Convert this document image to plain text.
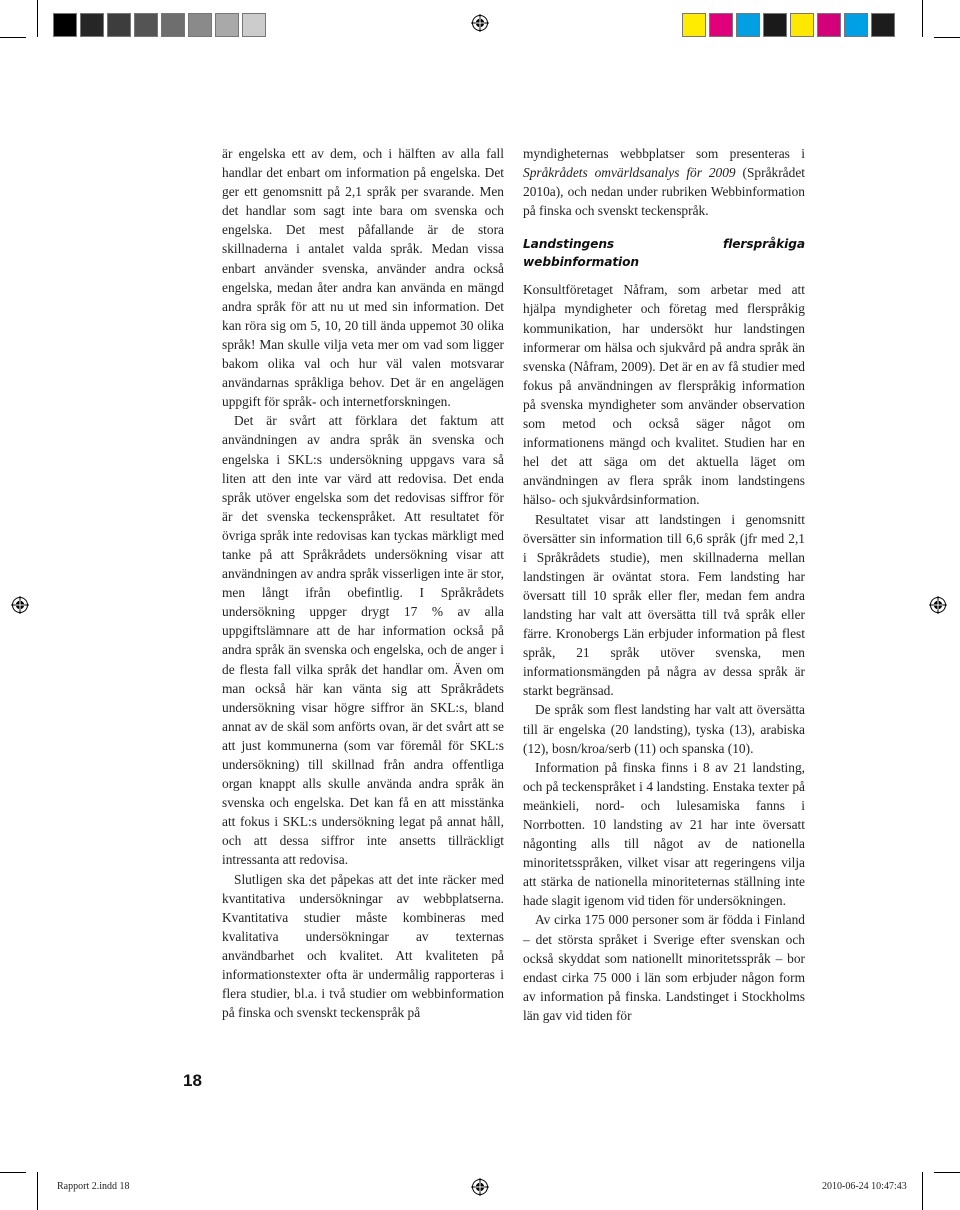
är engelska ett av dem, och i hälften av alla fall handlar det enbart om information på engelska. Det ger ett genomsnitt på 2,1 språk per svarande. Men det handlar som sagt inte bara om svenska och engelska. Det mest påfallande är de stora skillnaderna i antalet valda språk. Medan vissa enbart använder svenska, använder andra också engelska, medan åter andra kan använda en mängd andra språk för att nu ut med sin information. Det kan röra sig om 5, 10, 20 till ända uppemot 30 olika språk! Man skulle vilja veta mer om vad som ligger bakom olika val och hur väl valen motsvarar användarnas språkliga behov. Det är en angelägen uppgift för språk- och internetforskningen.

Det är svårt att förklara det faktum att användningen av andra språk än svenska och engelska i SKL:s undersökning uppgavs vara så liten att den inte var värd att redovisa. Det enda språk utöver engelska som det redovisas siffror för är det svenska teckenspråket. Att resultatet för övriga språk inte redovisas kan tyckas märkligt med tanke på att Språkrådets undersökning visar att användningen av andra språk visserligen inte är stor, men långt ifrån obefintlig. I Språkrådets undersökning uppger drygt 17 % av alla uppgiftslämnare att de har information också på andra språk än svenska och engelska, och de anger i de flesta fall vilka språk det handlar om. Även om man också här kan vänta sig att Språkrådets undersökning visar högre siffror än SKL:s, bland annat av de skäl som anförts ovan, är det svårt att se att just kommunerna (som var föremål för SKL:s undersökning) till skillnad från andra offentliga organ knappt alls skulle använda andra språk än svenska och engelska. Det kan få en att misstänka att fokus i SKL:s undersökning legat på annat håll, och att dessa siffror inte ansetts tillräckligt intressanta att redovisa.

Slutligen ska det påpekas att det inte räcker med kvantitativa undersökningar av webbplatserna. Kvantitativa studier måste kombineras med kvalitativa undersökningar av texternas användbarhet och kvalitet. Att kvaliteten på informationstexter ofta är undermålig rapporteras i flera studier, bl.a. i två studier om webbinformation på finska och svenskt teckenspråk på

myndigheternas webbplatser som presenteras i Språkrådets omvärldsanalys för 2009 (Språkrådet 2010a), och nedan under rubriken Webbinformation på finska och svenskt teckenspråk.

Landstingens flerspråkiga webbinformation

Konsultföretaget Nåfram, som arbetar med att hjälpa myndigheter och företag med flerspråkig kommunikation, har undersökt hur landstingen informerar om hälsa och sjukvård på andra språk än svenska (Nåfram, 2009). Det är en av få studier med fokus på användningen av flerspråkig information på svenska myndigheter som använder observation som metod och också säger något om informationens mängd och kvalitet. Studien har en hel det att säga om det aktuella läget om användningen av flera språk inom landstingens hälso- och sjukvårdsinformation.

Resultatet visar att landstingen i genomsnitt översätter sin information till 6,6 språk (jfr med 2,1 i Språkrådets studie), men skillnaderna mellan landstingen är oväntat stora. Fem landsting har översatt till 10 språk eller fler, medan fem andra landsting har valt att översätta till två språk eller färre. Kronobergs Län erbjuder information på flest språk, 21 språk utöver svenska, men informationsmängden på några av dessa språk är starkt begränsad.

De språk som flest landsting har valt att översätta till är engelska (20 landsting), tyska (13), arabiska (12), bosn/kroa/serb (11) och spanska (10).

Information på finska finns i 8 av 21 landsting, och på teckenspråket i 4 landsting. Enstaka texter på meänkieli, nord- och lulesamiska fanns i Norrbotten. 10 landsting av 21 har inte översatt någonting alls till något av de nationella minoritetsspråken, vilket visar att regeringens vilja att stärka de nationella minoriteternas ställning inte hade slagit igenom vid tiden för undersökningen.

Av cirka 175 000 personer som är födda i Finland – det största språket i Sverige efter svenskan och också skyddat som nationellt minoritetsspråk – bor endast cirka 75 000 i län som erbjuder någon form av information på finska. Landstinget i Stockholms län gav vid tiden för

18
Rapport 2.indd 18	2010-06-24 10:47:43
